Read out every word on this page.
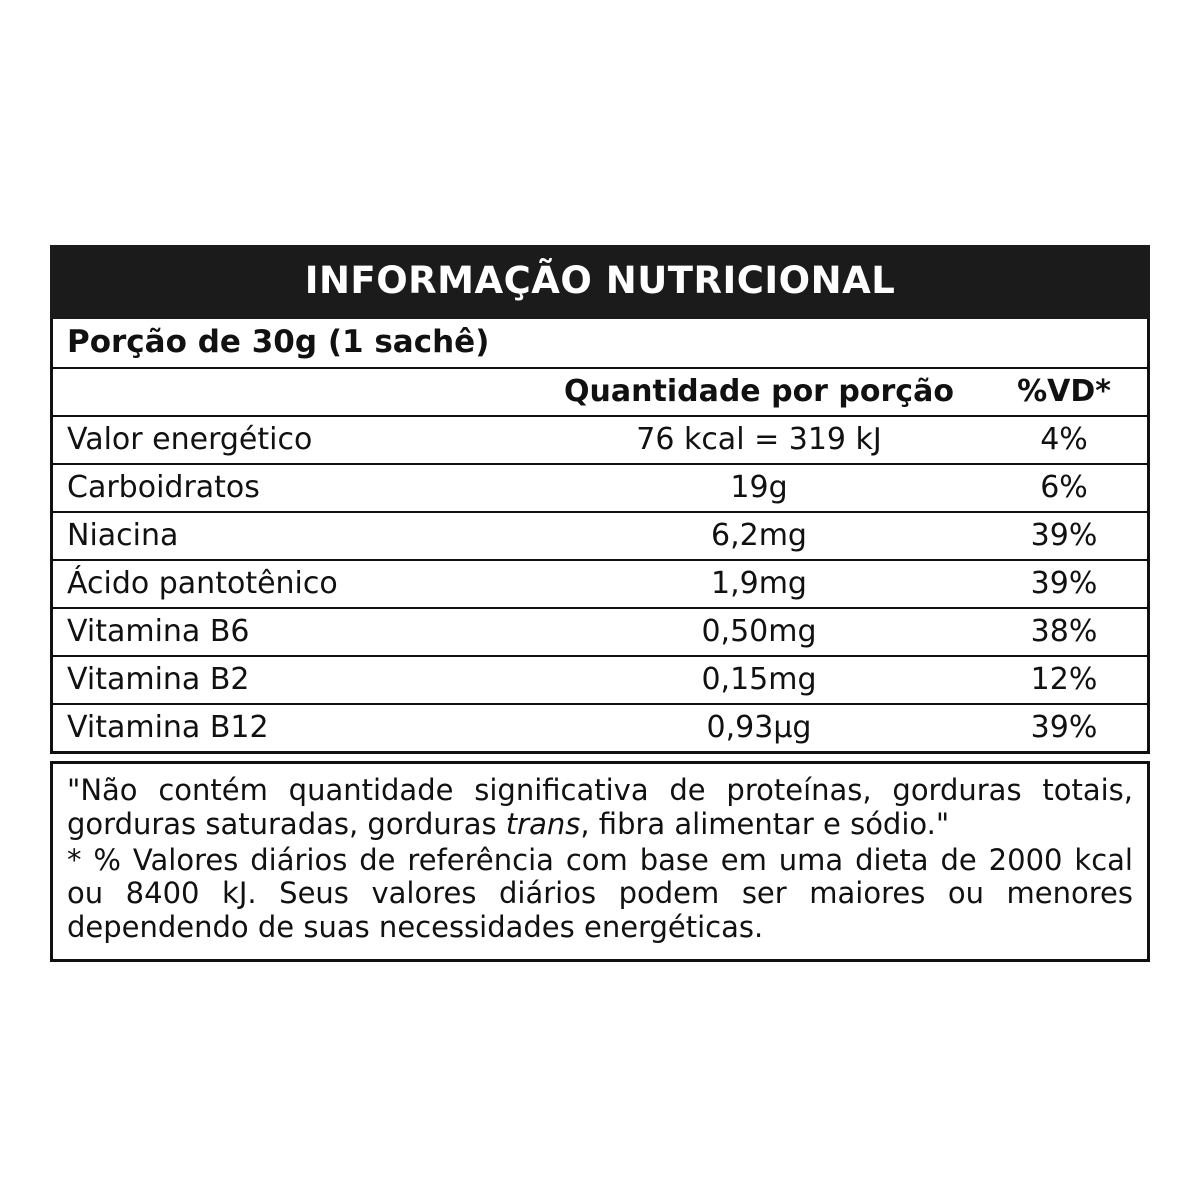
INFORMAÇÃO NUTRICIONAL
Porção de 30g (1 sachê)
Quantidade por porção	%VD*
Valor energético	76 kcal = 319 kJ	4%
Carboidratos	19g	6%
Niacina	6,2mg	39%
Ácido pantotênico	1,9mg	39%
Vitamina B6	0,50mg	38%
Vitamina B2	0,15mg	12%
Vitamina B12	0,93µg	39%

"Não contém quantidade significativa de proteínas, gorduras totais, gorduras saturadas, gorduras trans, fibra alimentar e sódio."

* % Valores diários de referência com base em uma dieta de 2000 kcal ou 8400 kJ. Seus valores diários podem ser maiores ou menores dependendo de suas necessidades energéticas.
